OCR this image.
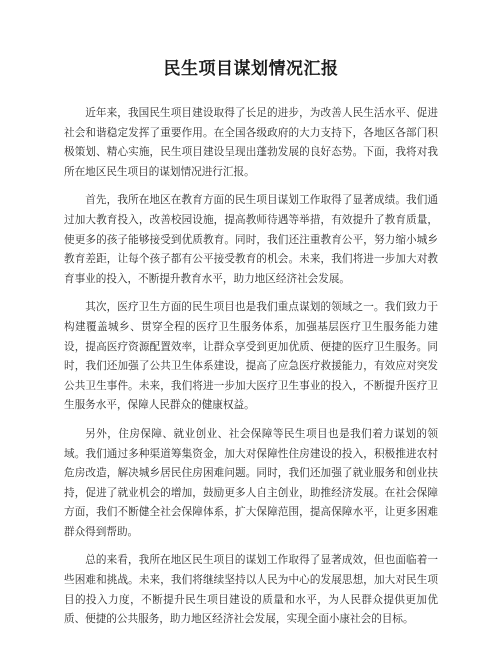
民生项目谋划情况汇报

近年来，我国民生项目建设取得了长足的进步，为改善人民生活水平、促进社会和谐稳定发挥了重要作用。在全国各级政府的大力支持下，各地区各部门积极策划、精心实施，民生项目建设呈现出蓬勃发展的良好态势。下面，我将对我所在地区民生项目的谋划情况进行汇报。

首先，我所在地区在教育方面的民生项目谋划工作取得了显著成绩。我们通过加大教育投入，改善校园设施，提高教师待遇等举措，有效提升了教育质量，使更多的孩子能够接受到优质教育。同时，我们还注重教育公平，努力缩小城乡教育差距，让每个孩子都有公平接受教育的机会。未来，我们将进一步加大对教育事业的投入，不断提升教育水平，助力地区经济社会发展。

其次，医疗卫生方面的民生项目也是我们重点谋划的领域之一。我们致力于构建覆盖城乡、贯穿全程的医疗卫生服务体系，加强基层医疗卫生服务能力建设，提高医疗资源配置效率，让群众享受到更加优质、便捷的医疗卫生服务。同时，我们还加强了公共卫生体系建设，提高了应急医疗救援能力，有效应对突发公共卫生事件。未来，我们将进一步加大医疗卫生事业的投入，不断提升医疗卫生服务水平，保障人民群众的健康权益。

另外，住房保障、就业创业、社会保障等民生项目也是我们着力谋划的领域。我们通过多种渠道筹集资金，加大对保障性住房建设的投入，积极推进农村危房改造，解决城乡居民住房困难问题。同时，我们还加强了就业服务和创业扶持，促进了就业机会的增加，鼓励更多人自主创业，助推经济发展。在社会保障方面，我们不断健全社会保障体系，扩大保障范围，提高保障水平，让更多困难群众得到帮助。

总的来看，我所在地区民生项目的谋划工作取得了显著成效，但也面临着一些困难和挑战。未来，我们将继续坚持以人民为中心的发展思想，加大对民生项目的投入力度，不断提升民生项目建设的质量和水平，为人民群众提供更加优质、便捷的公共服务，助力地区经济社会发展，实现全面小康社会的目标。
